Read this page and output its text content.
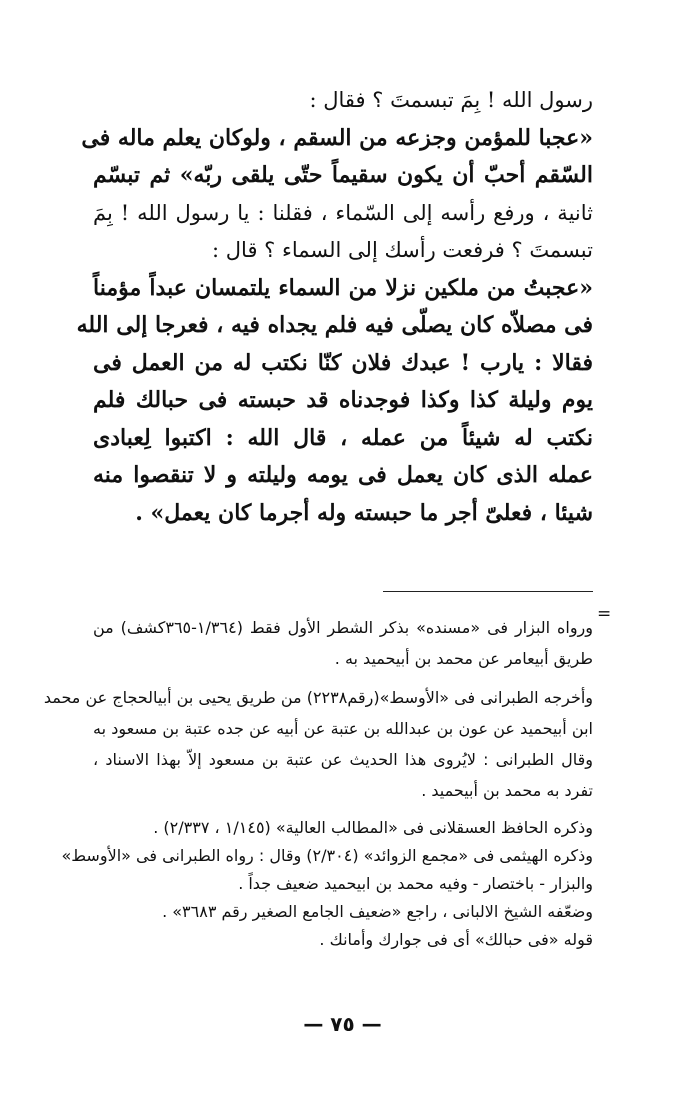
رسول الله ! بِمَ تبسمتَ ؟ فقال :
«عجبا للمؤمن وجزعه من السقم ، ولوكان يعلم ماله فى
السّقم أحبّ أن يكون سقيماً حتّى يلقى ربّه» ثم تبسّم
ثانية ، ورفع رأسه إلى السّماء ، فقلنا : يا رسول الله ! بِمَ
تبسمتَ ؟ فرفعت رأسك إلى السماء ؟ قال :
«عجبتُ من ملكين نزلا من السماء يلتمسان عبداً مؤمناً
فى مصلاّه كان يصلّى فيه فلم يجداه فيه ، فعرجا إلى الله
فقالا : يارب ! عبدك فلان كنّا نكتب له من العمل فى
يوم وليلة كذا وكذا فوجدناه قد حبسته فى حبالك فلم
نكتب له شيئاً من عمله ، قال الله : اكتبوا لِعبادى
عمله الذى كان يعمل فى يومه وليلته و لا تنقصوا منه
شيئا ، فعلىّ أجر ما حبسته وله أجرما كان يعمل» .
=
ورواه البزار فى «مسنده» بذكر الشطر الأول فقط (١/٣٦٤-٣٦٥كشف) من
طريق أبيعامر عن محمد بن أبيحميد به .
وأخرجه الطبرانى فى «الأوسط»(رقم٢٢٣٨) من طريق يحيى بن أبيالحجاج عن محمد
ابن أبيحميد عن عون بن عبدالله بن عتبة عن أبيه عن جده عتبة بن مسعود به
وقال الطبرانى : لايُروى هذا الحديث عن عتبة بن مسعود إلاّ بهذا الاسناد ،
تفرد به محمد بن أبيحميد .
وذكره الحافظ العسقلانى فى «المطالب العالية» (١/١٤٥ ، ٢/٣٣٧) .
وذكره الهيثمى فى «مجمع الزوائد» (٢/٣٠٤) وقال : رواه الطبرانى فى «الأوسط»
والبزار - باختصار - وفيه محمد بن ابيحميد ضعيف جداً .
وضعّفه الشيخ الالبانى ، راجع «ضعيف الجامع الصغير رقم ٣٦٨٣» .
قوله «فى حبالك» أى فى جوارك وأمانك .
— ٧٥ —
